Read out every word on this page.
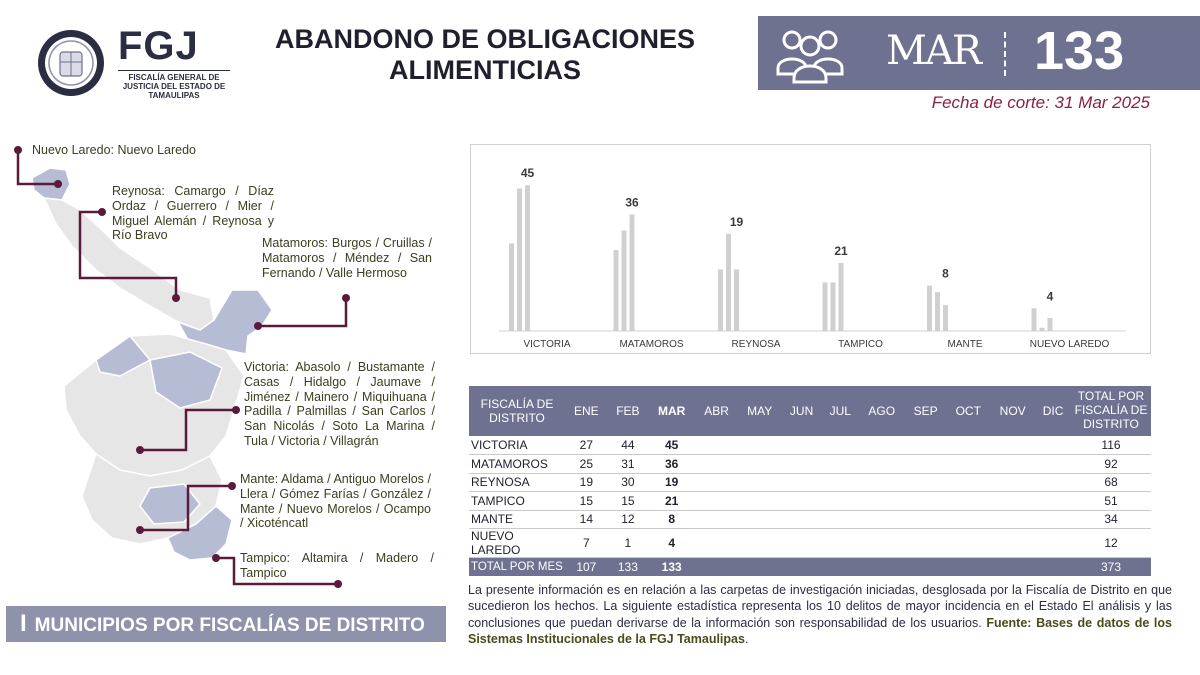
FGJ
FISCALÍA GENERAL DE JUSTICIA DEL ESTADO DE TAMAULIPAS
ABANDONO DE OBLIGACIONES ALIMENTICIAS	MAR 133
Fecha de corte: 31 Mar 2025
Nuevo Laredo: Nuevo Laredo
Reynosa: Camargo / Díaz Ordaz / Guerrero / Mier / Miguel Alemán / Reynosa y Río Bravo
Matamoros: Burgos / Cruillas / Matamoros / Méndez / San Fernando / Valle Hermoso
Victoria: Abasolo / Bustamante / Casas / Hidalgo / Jaumave / Jiménez / Mainero / Miquihuana / Padilla / Palmillas / San Carlos / San Nicolás / Soto La Marina / Tula / Victoria / Villagrán
Mante: Aldama / Antiguo Morelos / Llera / Gómez Farías / González / Mante / Nuevo Morelos / Ocampo / Xicoténcatl
Tampico: Altamira / Madero / Tampico
I MUNICIPIOS POR FISCALÍAS DE DISTRITO
45
VICTORIA
36
MATAMOROS
19
REYNOSA
21
TAMPICO
8
MANTE
4
NUEVO LAREDO
FISCALÍA DE DISTRITO	ENE	FEB	MAR	ABR	MAY	JUN	JUL	AGO	SEP	OCT	NOV	DIC	TOTAL POR FISCALÍA DE DISTRITO
VICTORIA	27	44	45										116
MATAMOROS	25	31	36										92
REYNOSA	19	30	19										68
TAMPICO	15	15	21										51
MANTE	14	12	8										34
NUEVO LAREDO	7	1	4										12
TOTAL POR MES	107	133	133										373
La presente información es en relación a las carpetas de investigación iniciadas, desglosada por la Fiscalía de Distrito en que sucedieron los hechos. La siguiente estadística representa los 10 delitos de mayor incidencia en el Estado El análisis y las conclusiones que puedan derivarse de la información son responsabilidad de los usuarios. Fuente: Bases de datos de los Sistemas Institucionales de la FGJ Tamaulipas.
